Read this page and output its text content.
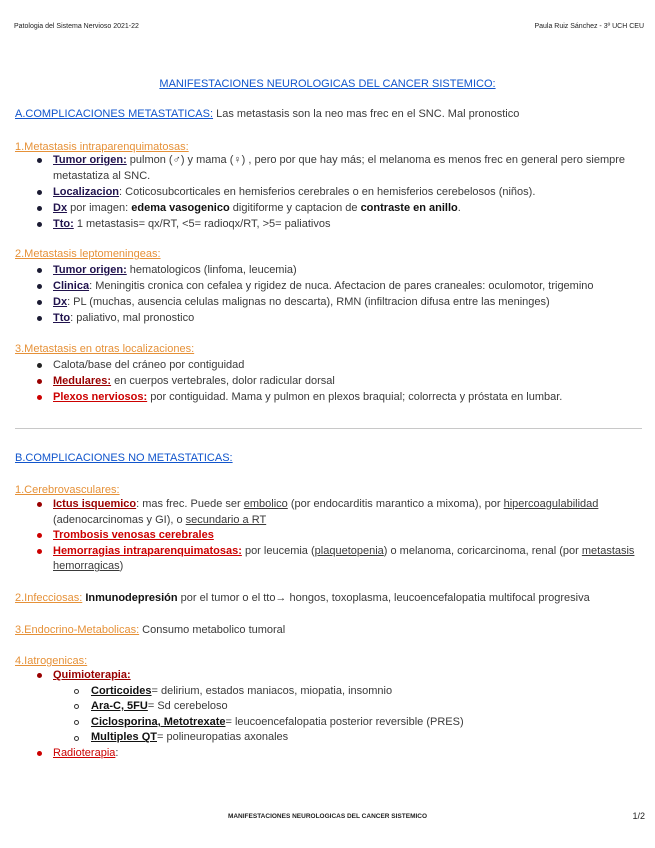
Patologia del Sistema Nervioso 2021-22	Paula Ruiz Sánchez - 3º UCH CEU
MANIFESTACIONES NEUROLOGICAS DEL CANCER SISTEMICO:
A.COMPLICACIONES METASTATICAS: Las metastasis son la neo mas frec en el SNC. Mal pronostico
1.Metastasis intraparenquimatosas:
Tumor origen: pulmon (♂) y mama (♀) , pero por que hay más; el melanoma es menos frec en general pero siempre metastatiza al SNC.
Localizacion: Coticosubcorticales en hemisferios cerebrales o en hemisferios cerebelosos (niños).
Dx por imagen: edema vasogenico digitiforme y captacion de contraste en anillo.
Tto: 1 metastasis= qx/RT, <5= radioqx/RT, >5= paliativos
2.Metastasis leptomeningeas:
Tumor origen: hematologicos (linfoma, leucemia)
Clinica: Meningitis cronica con cefalea y rigidez de nuca. Afectacion de pares craneales: oculomotor, trigemino
Dx: PL (muchas, ausencia celulas malignas no descarta), RMN (infiltracion difusa entre las meninges)
Tto: paliativo, mal pronostico
3.Metastasis en otras localizaciones:
Calota/base del cráneo por contiguidad
Medulares: en cuerpos vertebrales, dolor radicular dorsal
Plexos nerviosos: por contiguidad. Mama y pulmon en plexos braquial; colorrecta y próstata en lumbar.
B.COMPLICACIONES NO METASTATICAS:
1.Cerebrovasculares:
Ictus isquemico: mas frec. Puede ser embolico (por endocarditis marantico a mixoma), por hipercoagulabilidad (adenocarcinomas y GI), o secundario a RT
Trombosis venosas cerebrales
Hemorragias intraparenquimatosas: por leucemia (plaquetopenia) o melanoma, coricarcinoma, renal (por metastasis hemorragicas)
2.Infecciosas: Inmunodepresión por el tumor o el tto→ hongos, toxoplasma, leucoencefalopatia multifocal progresiva
3.Endocrino-Metabolicas: Consumo metabolico tumoral
4.Iatrogenicas:
Quimioterapia:
Corticoides= delirium, estados maniacos, miopatia, insomnio
Ara-C, 5FU= Sd cerebeloso
Ciclosporina, Metotrexate= leucoencefalopatia posterior reversible (PRES)
Multiples QT= polineuropatias axonales
Radioterapia:
MANIFESTACIONES NEUROLOGICAS DEL CANCER SISTEMICO	1/2
